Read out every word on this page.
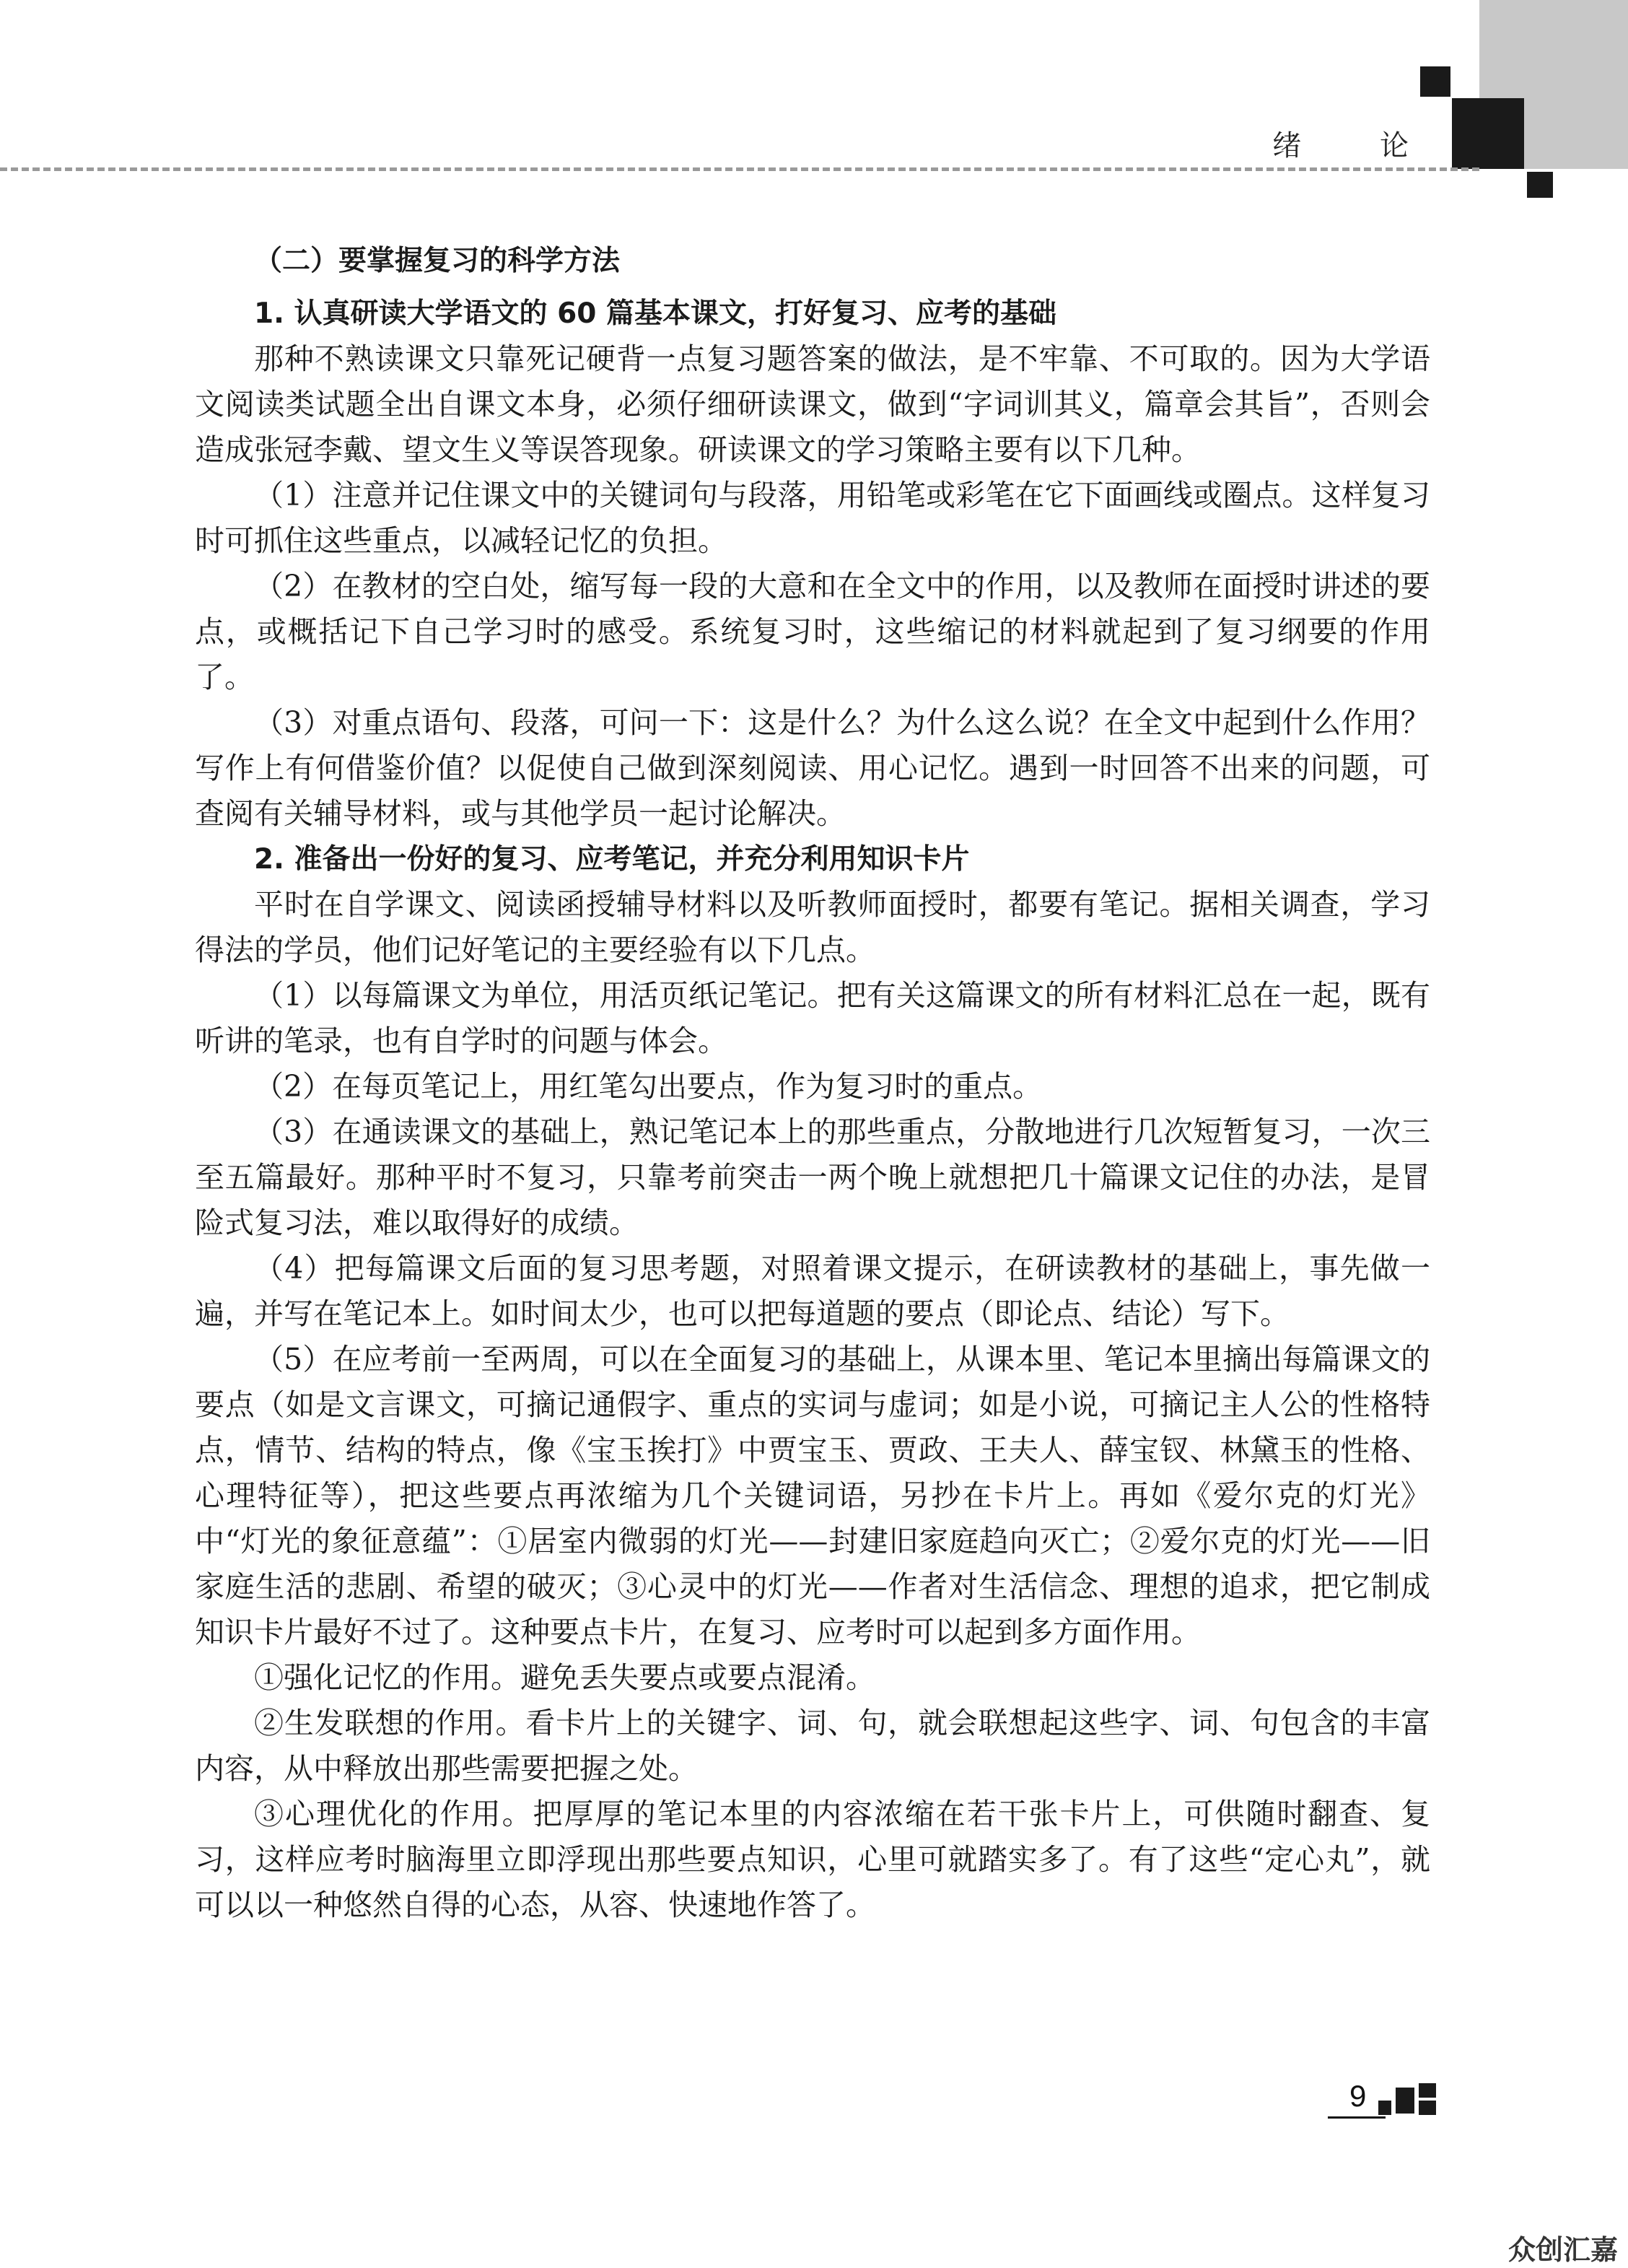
绪 论

（二）要掌握复习的科学方法

1. 认真研读大学语文的 60 篇基本课文，打好复习、应考的基础

那种不熟读课文只靠死记硬背一点复习题答案的做法，是不牢靠、不可取的。因为大学语文阅读类试题全出自课文本身，必须仔细研读课文，做到“字词训其义，篇章会其旨”，否则会造成张冠李戴、望文生义等误答现象。研读课文的学习策略主要有以下几种。

（1）注意并记住课文中的关键词句与段落，用铅笔或彩笔在它下面画线或圈点。这样复习时可抓住这些重点，以减轻记忆的负担。

（2）在教材的空白处，缩写每一段的大意和在全文中的作用，以及教师在面授时讲述的要点，或概括记下自己学习时的感受。系统复习时，这些缩记的材料就起到了复习纲要的作用了。

（3）对重点语句、段落，可问一下：这是什么？为什么这么说？在全文中起到什么作用？写作上有何借鉴价值？以促使自己做到深刻阅读、用心记忆。遇到一时回答不出来的问题，可查阅有关辅导材料，或与其他学员一起讨论解决。

2. 准备出一份好的复习、应考笔记，并充分利用知识卡片

平时在自学课文、阅读函授辅导材料以及听教师面授时，都要有笔记。据相关调查，学习得法的学员，他们记好笔记的主要经验有以下几点。

（1）以每篇课文为单位，用活页纸记笔记。把有关这篇课文的所有材料汇总在一起，既有听讲的笔录，也有自学时的问题与体会。

（2）在每页笔记上，用红笔勾出要点，作为复习时的重点。

（3）在通读课文的基础上，熟记笔记本上的那些重点，分散地进行几次短暂复习，一次三至五篇最好。那种平时不复习，只靠考前突击一两个晚上就想把几十篇课文记住的办法，是冒险式复习法，难以取得好的成绩。

（4）把每篇课文后面的复习思考题，对照着课文提示，在研读教材的基础上，事先做一遍，并写在笔记本上。如时间太少，也可以把每道题的要点（即论点、结论）写下。

（5）在应考前一至两周，可以在全面复习的基础上，从课本里、笔记本里摘出每篇课文的要点（如是文言课文，可摘记通假字、重点的实词与虚词；如是小说，可摘记主人公的性格特点，情节、结构的特点，像《宝玉挨打》中贾宝玉、贾政、王夫人、薛宝钗、林黛玉的性格、心理特征等），把这些要点再浓缩为几个关键词语，另抄在卡片上。再如《爱尔克的灯光》中“灯光的象征意蕴”：①居室内微弱的灯光——封建旧家庭趋向灭亡；②爱尔克的灯光——旧家庭生活的悲剧、希望的破灭；③心灵中的灯光——作者对生活信念、理想的追求，把它制成知识卡片最好不过了。这种要点卡片，在复习、应考时可以起到多方面作用。

①强化记忆的作用。避免丢失要点或要点混淆。

②生发联想的作用。看卡片上的关键字、词、句，就会联想起这些字、词、句包含的丰富内容，从中释放出那些需要把握之处。

③心理优化的作用。把厚厚的笔记本里的内容浓缩在若干张卡片上，可供随时翻查、复习，这样应考时脑海里立即浮现出那些要点知识，心里可就踏实多了。有了这些“定心丸”，就可以以一种悠然自得的心态，从容、快速地作答了。

9
众创汇嘉
